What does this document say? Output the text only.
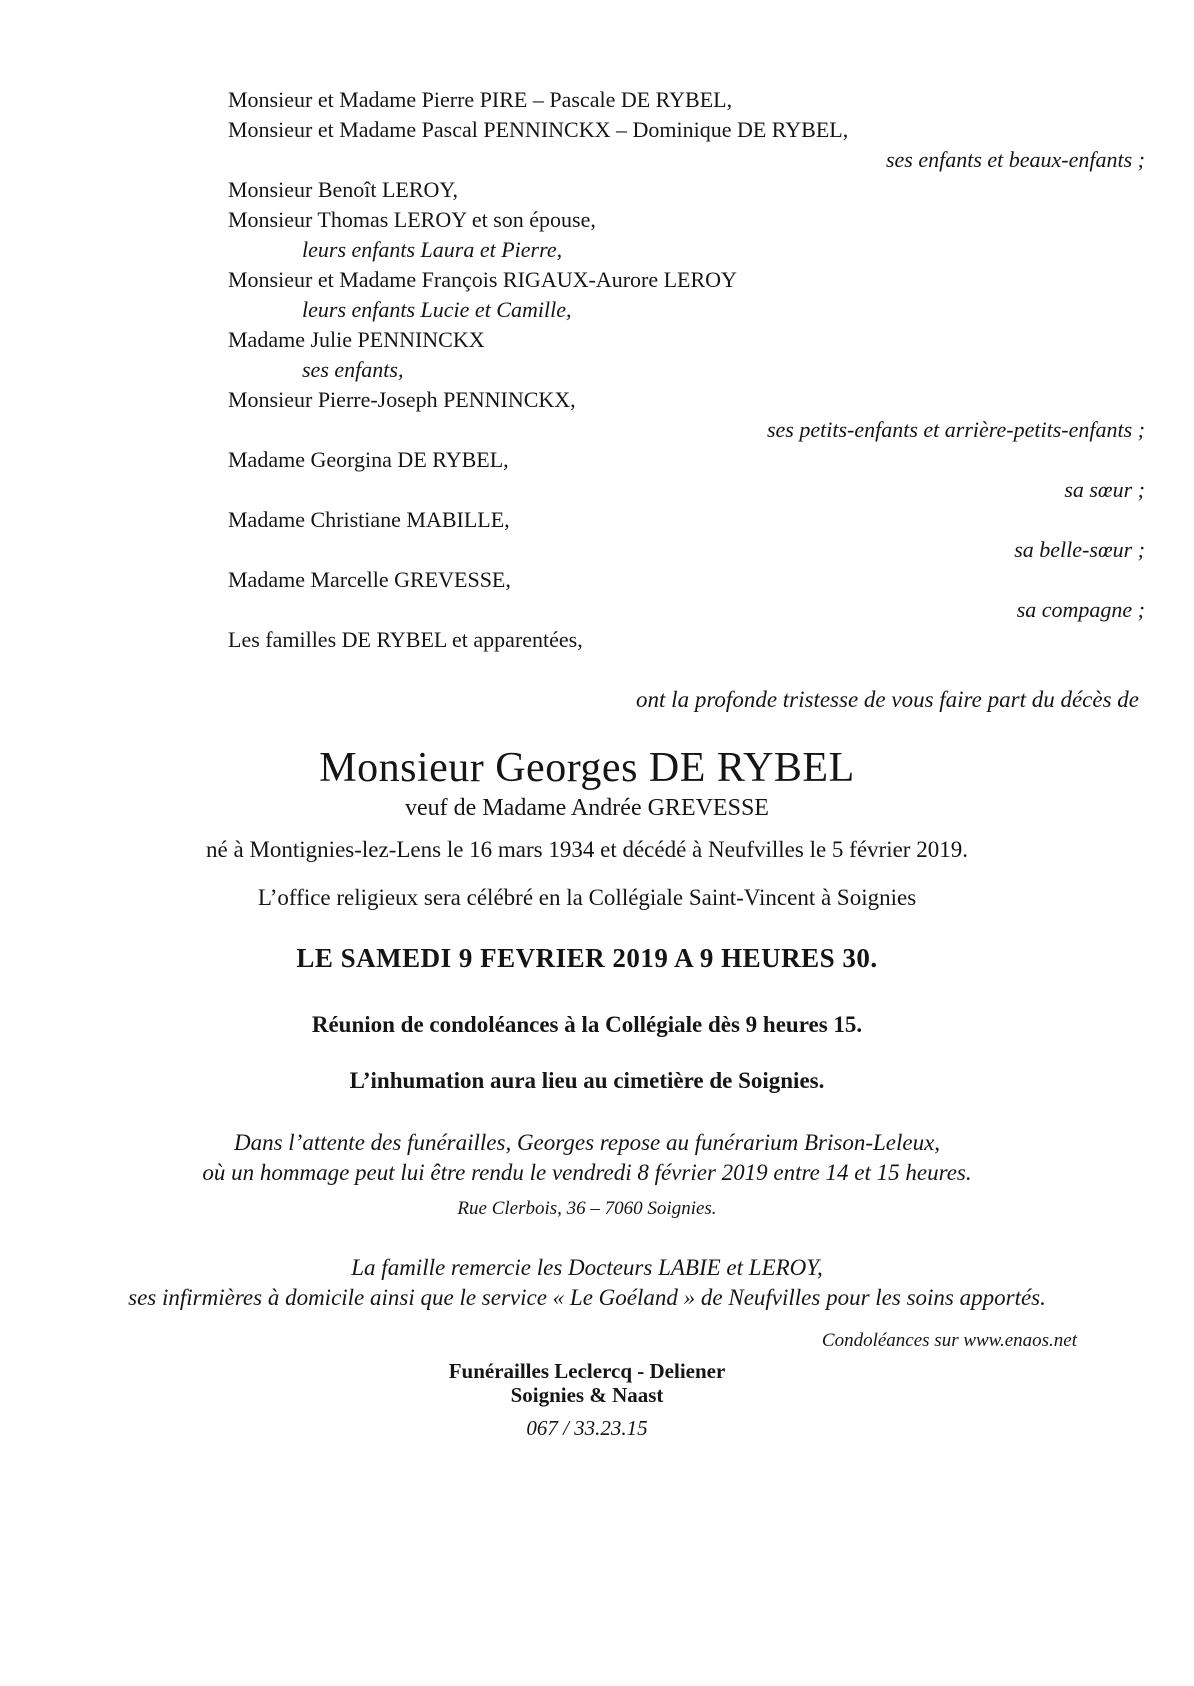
Monsieur et Madame Pierre PIRE – Pascale DE RYBEL,
Monsieur et Madame Pascal PENNINCKX – Dominique DE RYBEL,
ses enfants et beaux-enfants ;
Monsieur Benoît LEROY,
Monsieur Thomas LEROY et son épouse,
leurs enfants Laura et Pierre,
Monsieur et Madame François RIGAUX-Aurore LEROY
leurs enfants Lucie et Camille,
Madame Julie PENNINCKX
ses enfants,
Monsieur Pierre-Joseph PENNINCKX,
ses petits-enfants et arrière-petits-enfants ;
Madame Georgina DE RYBEL,
sa sœur ;
Madame Christiane MABILLE,
sa belle-sœur ;
Madame Marcelle GREVESSE,
sa compagne ;
Les familles DE RYBEL et apparentées,
ont la profonde tristesse de vous faire part du décès de
Monsieur Georges DE RYBEL
veuf de Madame Andrée GREVESSE
né à Montignies-lez-Lens le 16 mars 1934 et décédé à Neufvilles le 5 février 2019.
L’office religieux sera célébré en la Collégiale Saint-Vincent à Soignies
LE SAMEDI 9 FEVRIER 2019 A 9 HEURES 30.
Réunion de condoléances à la Collégiale dès 9 heures 15.
L’inhumation aura lieu au cimetière de Soignies.
Dans l’attente des funérailles, Georges repose au funérarium Brison-Leleux,
où un hommage peut lui être rendu le vendredi 8 février 2019 entre 14 et 15 heures.
Rue Clerbois, 36 – 7060 Soignies.
La famille remercie les Docteurs LABIE et LEROY,
ses infirmières à domicile ainsi que le service « Le Goéland » de Neufvilles pour les soins apportés.
Condoléances sur www.enaos.net
Funérailles Leclercq - Deliener
Soignies & Naast
067 / 33.23.15
